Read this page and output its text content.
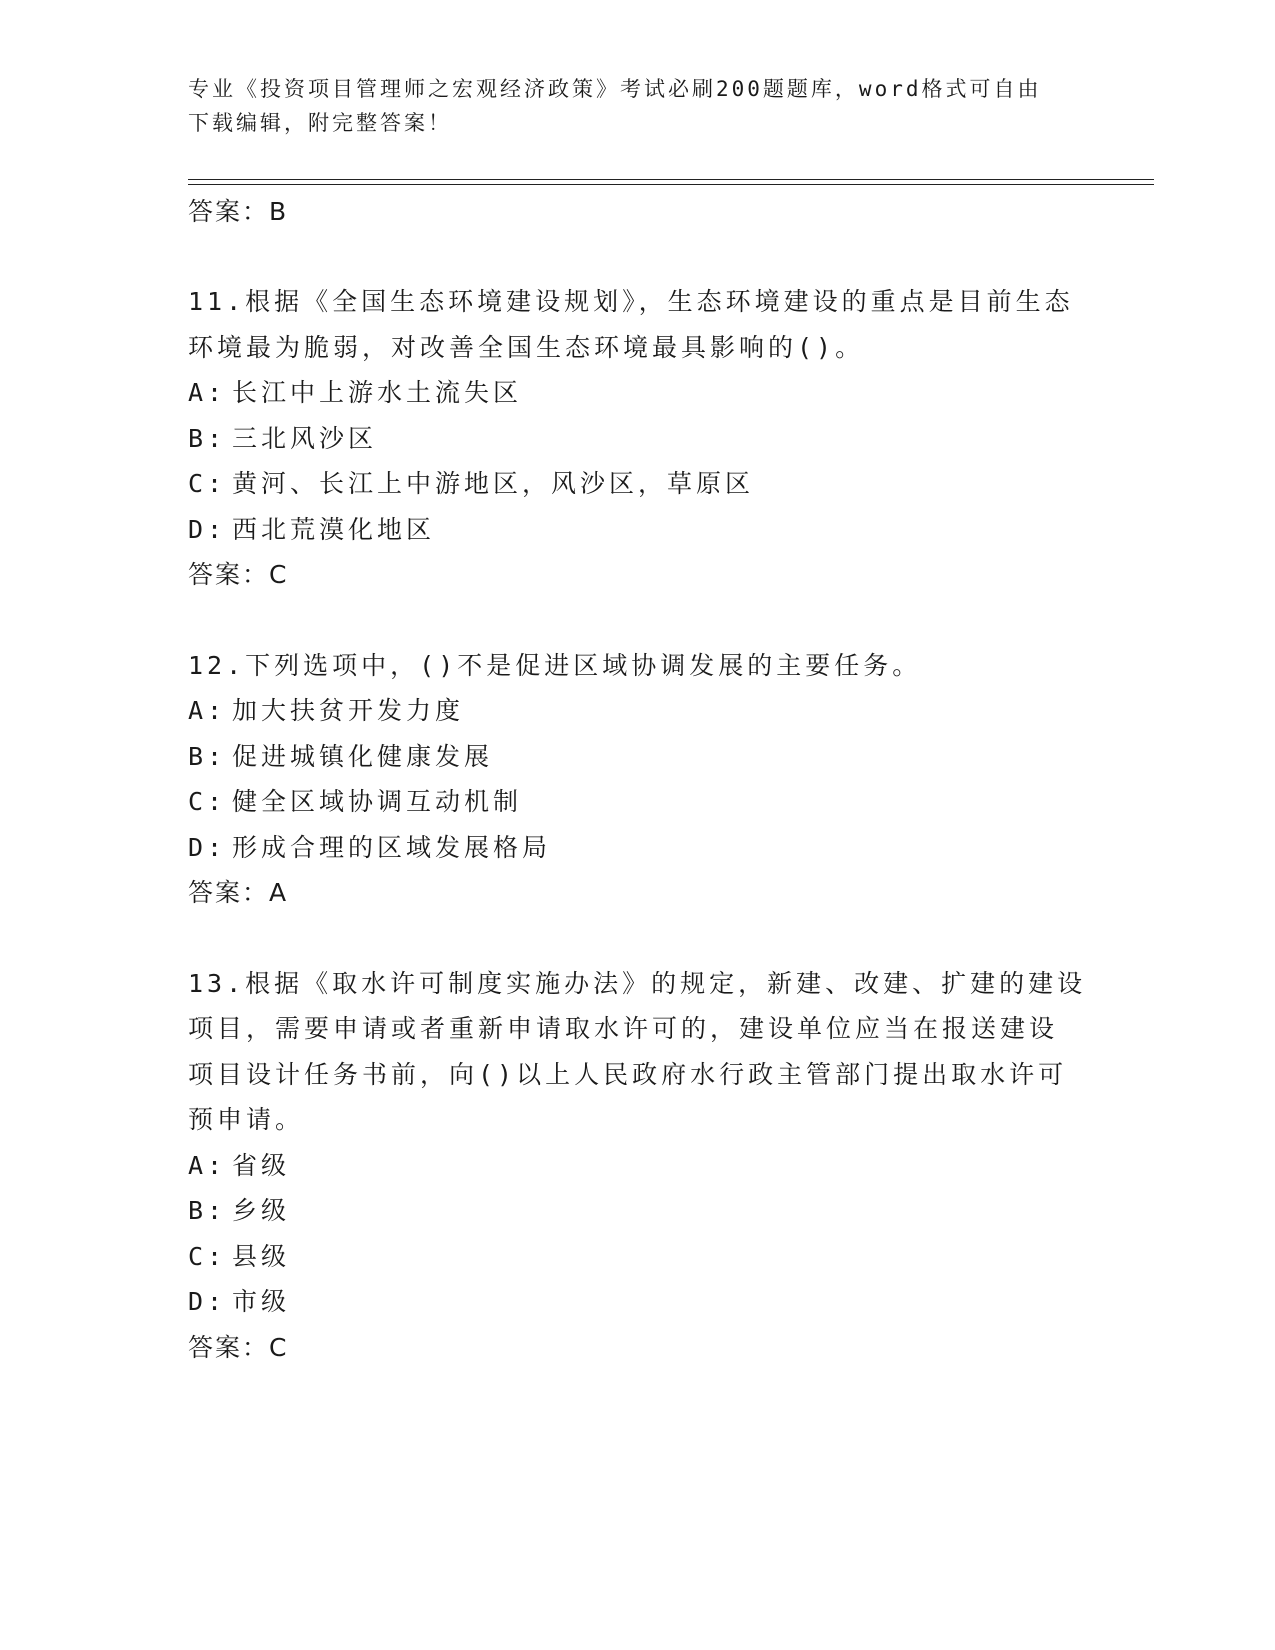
专业《投资项目管理师之宏观经济政策》考试必刷200题题库，word格式可自由
下载编辑，附完整答案！
答案：B
11.根据《全国生态环境建设规划》，生态环境建设的重点是目前生态
环境最为脆弱，对改善全国生态环境最具影响的()。
A: 长江中上游水土流失区
B: 三北风沙区
C: 黄河、长江上中游地区，风沙区，草原区
D: 西北荒漠化地区
答案：C
12.下列选项中，()不是促进区域协调发展的主要任务。
A: 加大扶贫开发力度
B: 促进城镇化健康发展
C: 健全区域协调互动机制
D: 形成合理的区域发展格局
答案：A
13.根据《取水许可制度实施办法》的规定，新建、改建、扩建的建设
项目，需要申请或者重新申请取水许可的，建设单位应当在报送建设
项目设计任务书前，向()以上人民政府水行政主管部门提出取水许可
预申请。
A: 省级
B: 乡级
C: 县级
D: 市级
答案：C
